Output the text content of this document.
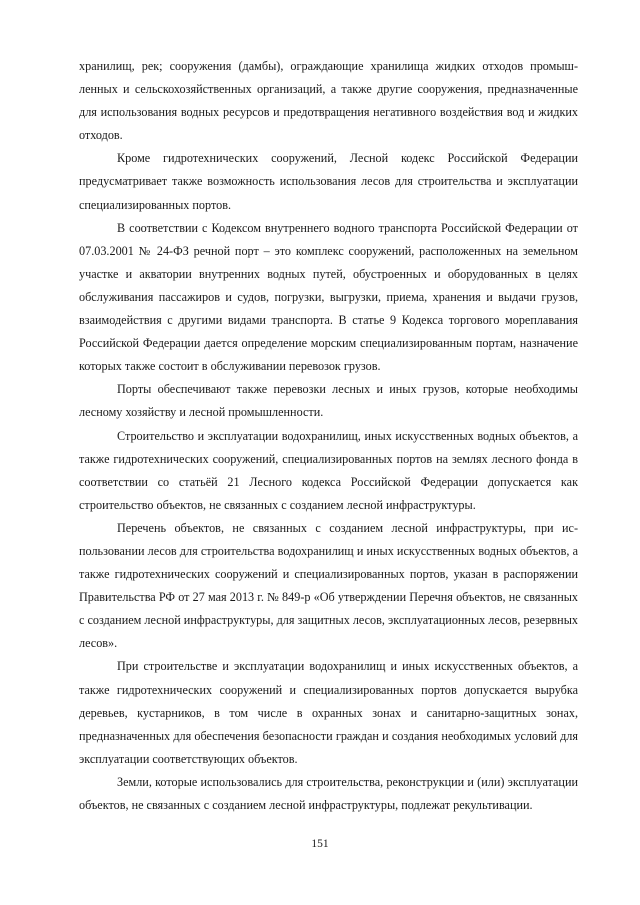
хранилищ, рек; сооружения (дамбы), ограждающие хранилища жидких отходов промышленных и сельскохозяйственных организаций, а также другие сооружения, предназначенные для использования водных ресурсов и предотвращения негативного воздействия вод и жидких отходов.

Кроме гидротехнических сооружений, Лесной кодекс Российской Федерации предусматривает также возможность использования лесов для строительства и эксплуатации специализированных портов.

В соответствии с Кодексом внутреннего водного транспорта Российской Федерации от 07.03.2001 № 24-ФЗ речной порт – это комплекс сооружений, расположенных на земельном участке и акватории внутренних водных путей, обустроенных и оборудованных в целях обслуживания пассажиров и судов, погрузки, выгрузки, приема, хранения и выдачи грузов, взаимодействия с другими видами транспорта. В статье 9 Кодекса торгового мореплавания Российской Федерации дается определение морским специализированным портам, назначение которых также состоит в обслуживании перевозок грузов.

Порты обеспечивают также перевозки лесных и иных грузов, которые необходимы лесному хозяйству и лесной промышленности.

Строительство и эксплуатации водохранилищ, иных искусственных водных объектов, а также гидротехнических сооружений, специализированных портов на землях лесного фонда в соответствии со статьёй 21 Лесного кодекса Российской Федерации допускается как строительство объектов, не связанных с созданием лесной инфраструктуры.

Перечень объектов, не связанных с созданием лесной инфраструктуры, при использовании лесов для строительства водохранилищ и иных искусственных водных объектов, а также гидротехнических сооружений и специализированных портов, указан в распоряжении Правительства РФ от 27 мая 2013 г. № 849-р «Об утверждении Перечня объектов, не связанных с созданием лесной инфраструктуры, для защитных лесов, эксплуатационных лесов, резервных лесов».

При строительстве и эксплуатации водохранилищ и иных искусственных объектов, а также гидротехнических сооружений и специализированных портов допускается вырубка деревьев, кустарников, в том числе в охранных зонах и санитарно-защитных зонах, предназначенных для обеспечения безопасности граждан и создания необходимых условий для эксплуатации соответствующих объектов.

Земли, которые использовались для строительства, реконструкции и (или) эксплуатации объектов, не связанных с созданием лесной инфраструктуры, подлежат рекультивации.

151
